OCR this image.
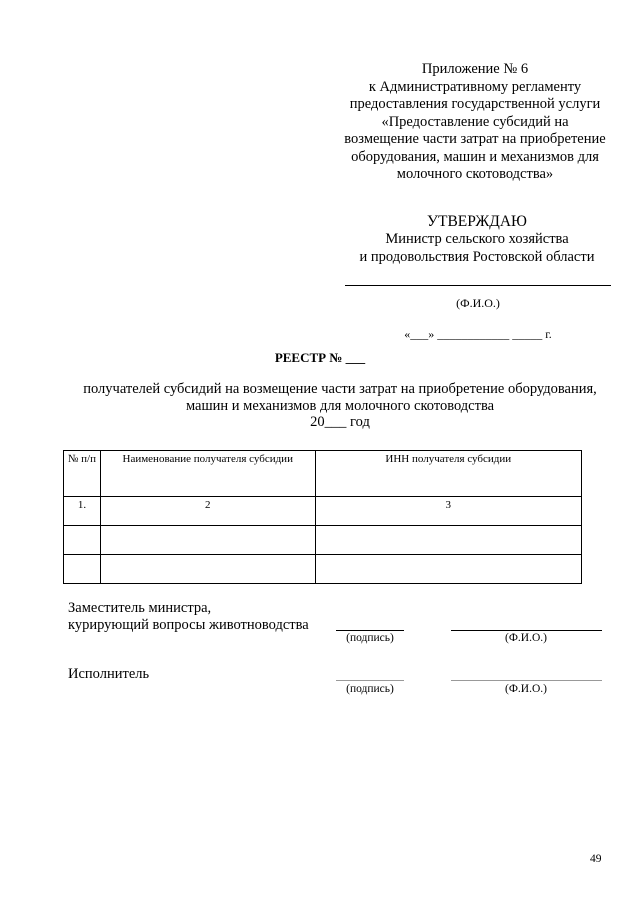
Приложение № 6
к Административному регламенту
предоставления государственной услуги
«Предоставление субсидий на
возмещение части затрат на приобретение
оборудования, машин и механизмов для
молочного скотоводства»
УТВЕРЖДАЮ
Министр сельского хозяйства
и продовольствия Ростовской области
(Ф.И.О.)
«___» ____________ _____ г.
РЕЕСТР № ___
получателей субсидий на возмещение части затрат на приобретение оборудования,
машин и механизмов для молочного скотоводства
20___ год
№ п/п	Наименование получателя субсидии	ИНН получателя субсидии
1.	2	3

Заместитель министра,
курирующий вопросы животноводства
(подпись)	(Ф.И.О.)
Исполнитель
(подпись)	(Ф.И.О.)
49
